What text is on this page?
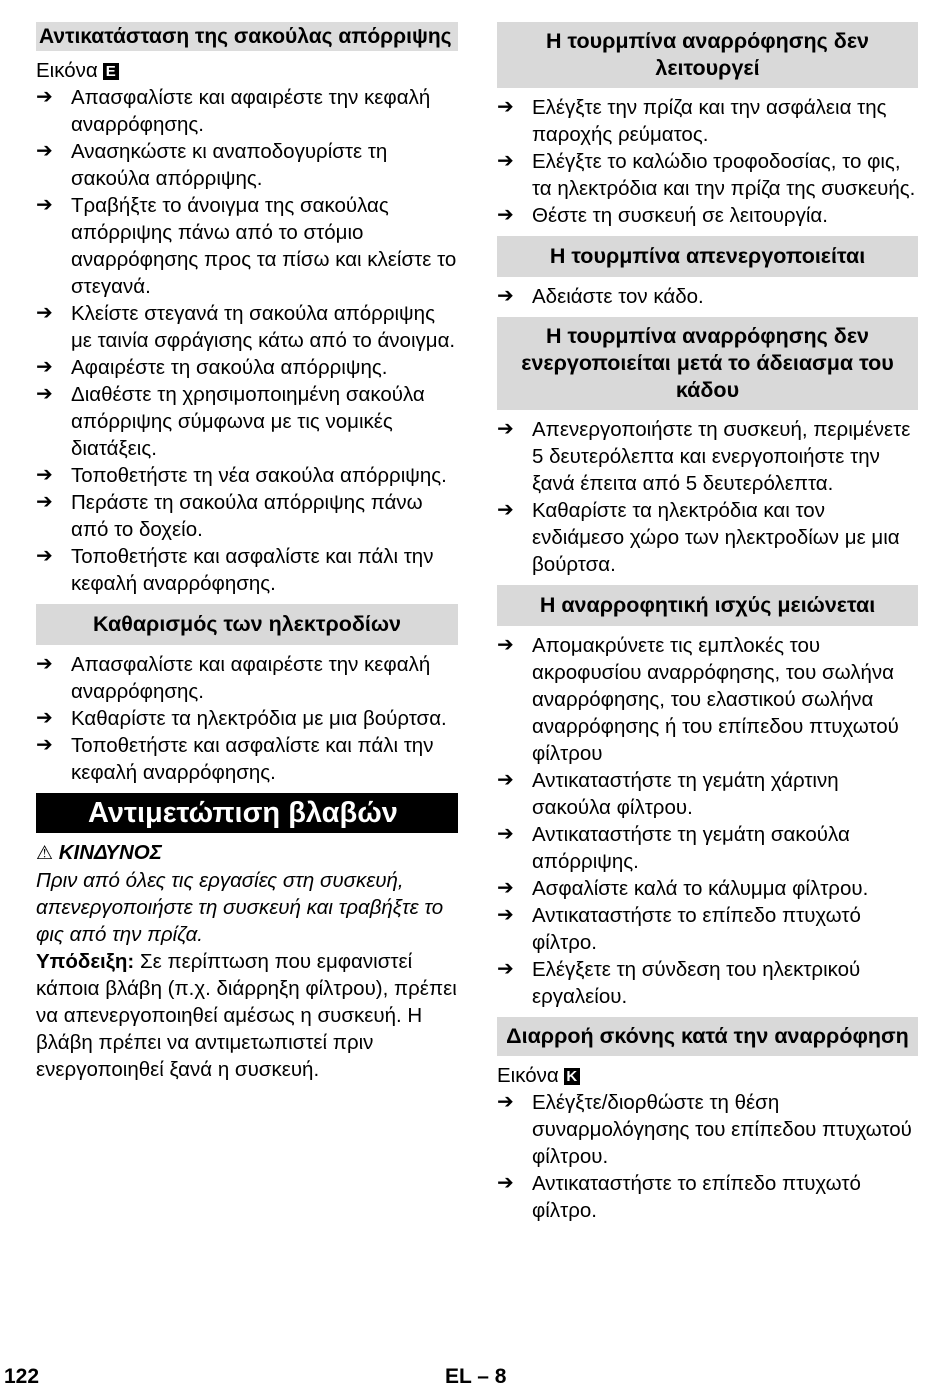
Αντικατάσταση της σακούλας απόρριψης
Εικόνα E
➔ Απασφαλίστε και αφαιρέστε την κεφαλή αναρρόφησης.
➔ Ανασηκώστε κι αναποδογυρίστε τη σακούλα απόρριψης.
➔ Τραβήξτε το άνοιγμα της σακούλας απόρριψης πάνω από το στόμιο αναρρόφησης προς τα πίσω και κλείστε το στεγανά.
➔ Κλείστε στεγανά τη σακούλα απόρριψης με ταινία σφράγισης κάτω από το άνοιγμα.
➔ Αφαιρέστε τη σακούλα απόρριψης.
➔ Διαθέστε τη χρησιμοποιημένη σακούλα απόρριψης σύμφωνα με τις νομικές διατάξεις.
➔ Τοποθετήστε τη νέα σακούλα απόρριψης.
➔ Περάστε τη σακούλα απόρριψης πάνω από το δοχείο.
➔ Τοποθετήστε και ασφαλίστε και πάλι την κεφαλή αναρρόφησης.
Καθαρισμός των ηλεκτροδίων
➔ Απασφαλίστε και αφαιρέστε την κεφαλή αναρρόφησης.
➔ Καθαρίστε τα ηλεκτρόδια με μια βούρτσα.
➔ Τοποθετήστε και ασφαλίστε και πάλι την κεφαλή αναρρόφησης.
Αντιμετώπιση βλαβών
⚠ ΚΙΝΔΥΝΟΣ
Πριν από όλες τις εργασίες στη συσκευή, απενεργοποιήστε τη συσκευή και τραβήξτε το φις από την πρίζα.
Υπόδειξη: Σε περίπτωση που εμφανιστεί κάποια βλάβη (π.χ. διάρρηξη φίλτρου), πρέπει να απενεργοποιηθεί αμέσως η συσκευή. Η βλάβη πρέπει να αντιμετωπιστεί πριν ενεργοποιηθεί ξανά η συσκευή.
Η τουρμπίνα αναρρόφησης δεν λειτουργεί
➔ Ελέγξτε την πρίζα και την ασφάλεια της παροχής ρεύματος.
➔ Ελέγξτε το καλώδιο τροφοδοσίας, το φις, τα ηλεκτρόδια και την πρίζα της συσκευής.
➔ Θέστε τη συσκευή σε λειτουργία.
Η τουρμπίνα απενεργοποιείται
➔ Αδειάστε τον κάδο.
Η τουρμπίνα αναρρόφησης δεν ενεργοποιείται μετά το άδειασμα του κάδου
➔ Απενεργοποιήστε τη συσκευή, περιμένετε 5 δευτερόλεπτα και ενεργοποιήστε την ξανά έπειτα από 5 δευτερόλεπτα.
➔ Καθαρίστε τα ηλεκτρόδια και τον ενδιάμεσο χώρο των ηλεκτροδίων με μια βούρτσα.
Η αναρροφητική ισχύς μειώνεται
➔ Απομακρύνετε τις εμπλοκές του ακροφυσίου αναρρόφησης, του σωλήνα αναρρόφησης, του ελαστικού σωλήνα αναρρόφησης ή του επίπεδου πτυχωτού φίλτρου
➔ Αντικαταστήστε τη γεμάτη χάρτινη σακούλα φίλτρου.
➔ Αντικαταστήστε τη γεμάτη σακούλα απόρριψης.
➔ Ασφαλίστε καλά το κάλυμμα φίλτρου.
➔ Αντικαταστήστε το επίπεδο πτυχωτό φίλτρο.
➔ Ελέγξετε τη σύνδεση του ηλεκτρικού εργαλείου.
Διαρροή σκόνης κατά την αναρρόφηση
Εικόνα K
➔ Ελέγξτε/διορθώστε τη θέση συναρμολόγησης του επίπεδου πτυχωτού φίλτρου.
➔ Αντικαταστήστε το επίπεδο πτυχωτό φίλτρο.
122	EL – 8
